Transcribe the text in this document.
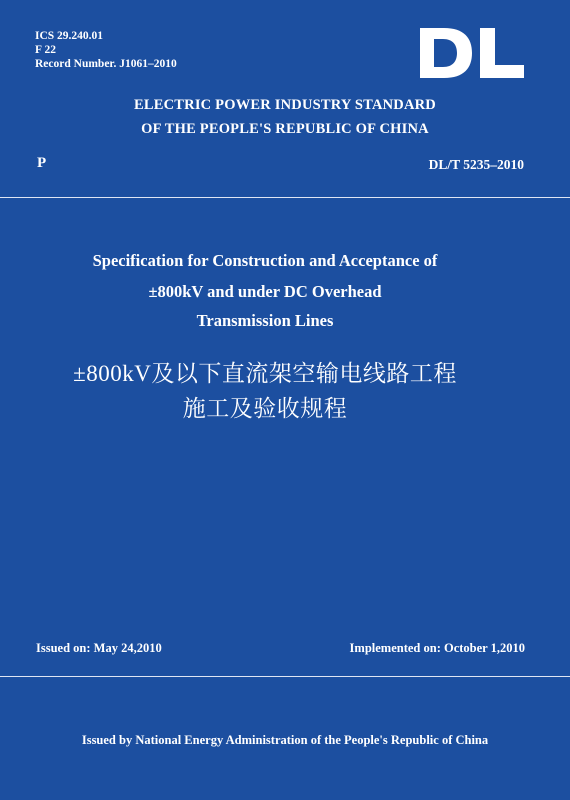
ICS 29.240.01
F 22
Record Number. J1061–2010
ELECTRIC POWER INDUSTRY STANDARD
OF THE PEOPLE'S REPUBLIC OF CHINA
P	DL/T 5235–2010
Specification for Construction and Acceptance of
±800kV and under DC Overhead
Transmission Lines
±800kV及以下直流架空输电线路工程
施工及验收规程
Issued on: May 24,2010	Implemented on: October 1,2010
Issued by National Energy Administration of the People's Republic of China
